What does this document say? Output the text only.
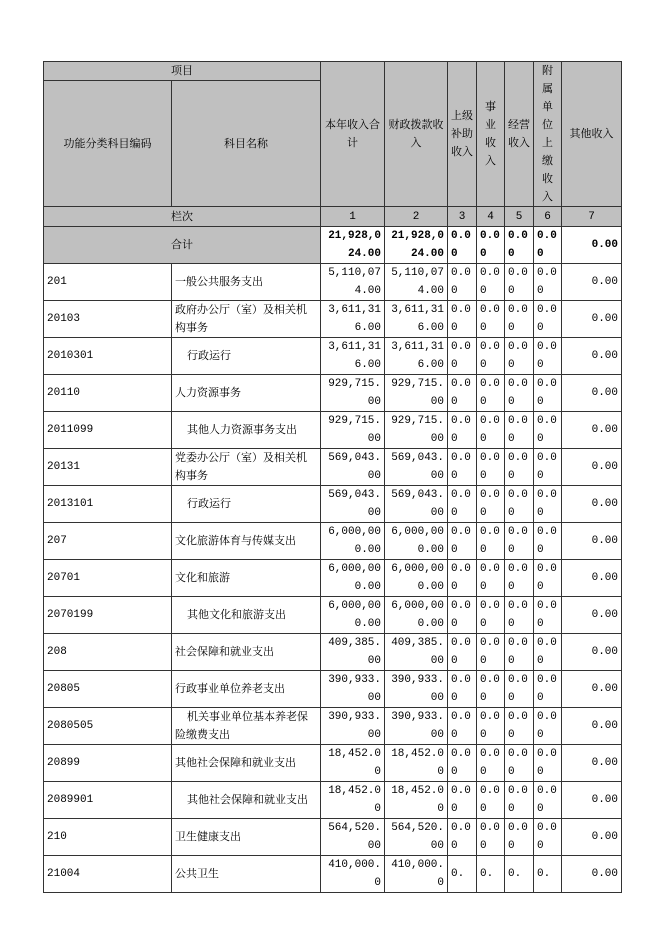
项目		本年收入合计	财政拨款收入	上级补助收入	事业收入	经营收入	附属单位上缴收入	其他收入
功能分类科目编码	科目名称							
栏次		1	2	3	4	5	6	7
合计		21,928,024.00	21,928,024.00	0.00	0.00	0.00	0.00	0.00
201	一般公共服务支出	5,110,074.00	5,110,074.00	0.00	0.00	0.00	0.00	0.00
20103	政府办公厅（室）及相关机构事务	3,611,316.00	3,611,316.00	0.00	0.00	0.00	0.00	0.00
2010301	行政运行	3,611,316.00	3,611,316.00	0.00	0.00	0.00	0.00	0.00
20110	人力资源事务	929,715.00	929,715.00	0.00	0.00	0.00	0.00	0.00
2011099	其他人力资源事务支出	929,715.00	929,715.00	0.00	0.00	0.00	0.00	0.00
20131	党委办公厅（室）及相关机构事务	569,043.00	569,043.00	0.00	0.00	0.00	0.00	0.00
2013101	行政运行	569,043.00	569,043.00	0.00	0.00	0.00	0.00	0.00
207	文化旅游体育与传媒支出	6,000,000.00	6,000,000.00	0.00	0.00	0.00	0.00	0.00
20701	文化和旅游	6,000,000.00	6,000,000.00	0.00	0.00	0.00	0.00	0.00
2070199	其他文化和旅游支出	6,000,000.00	6,000,000.00	0.00	0.00	0.00	0.00	0.00
208	社会保障和就业支出	409,385.00	409,385.00	0.00	0.00	0.00	0.00	0.00
20805	行政事业单位养老支出	390,933.00	390,933.00	0.00	0.00	0.00	0.00	0.00
2080505	机关事业单位基本养老保险缴费支出	390,933.00	390,933.00	0.00	0.00	0.00	0.00	0.00
20899	其他社会保障和就业支出	18,452.00	18,452.00	0.00	0.00	0.00	0.00	0.00
2089901	其他社会保障和就业支出	18,452.00	18,452.00	0.00	0.00	0.00	0.00	0.00
210	卫生健康支出	564,520.00	564,520.00	0.00	0.00	0.00	0.00	0.00
21004	公共卫生	410,000.0	410,000.0	0.	0.	0.	0.	0.00
